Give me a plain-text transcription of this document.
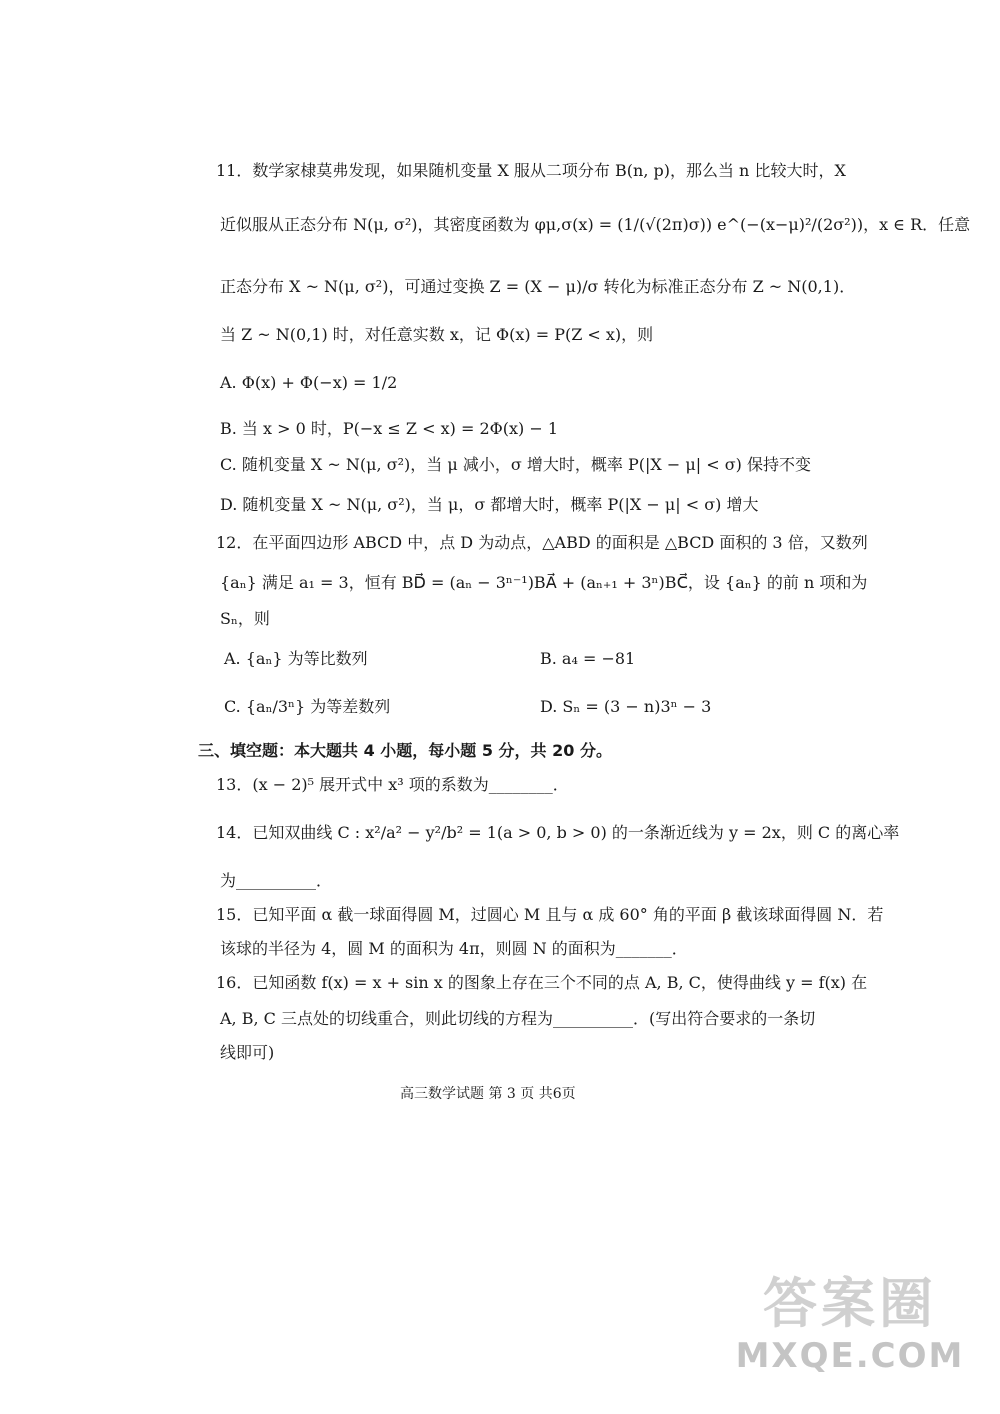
11．数学家棣莫弗发现，如果随机变量 X 服从二项分布 B(n, p)，那么当 n 比较大时，X
近似服从正态分布 N(μ, σ²)，其密度函数为 φμ,σ(x) = (1/(√(2π)σ)) e^(−(x−μ)²/(2σ²))，x ∈ R．任意
正态分布 X ~ N(μ, σ²)，可通过变换 Z = (X − μ)/σ 转化为标准正态分布 Z ~ N(0,1)．
当 Z ~ N(0,1) 时，对任意实数 x，记 Φ(x) = P(Z < x)，则
A. Φ(x) + Φ(−x) = 1/2
B. 当 x > 0 时，P(−x ≤ Z < x) = 2Φ(x) − 1
C. 随机变量 X ~ N(μ, σ²)，当 μ 减小，σ 增大时，概率 P(|X − μ| < σ) 保持不变
D. 随机变量 X ~ N(μ, σ²)，当 μ，σ 都增大时，概率 P(|X − μ| < σ) 增大
12．在平面四边形 ABCD 中，点 D 为动点，△ABD 的面积是 △BCD 面积的 3 倍，又数列
{aₙ} 满足 a₁ = 3，恒有 BD⃗ = (aₙ − 3ⁿ⁻¹)BA⃗ + (aₙ₊₁ + 3ⁿ)BC⃗，设 {aₙ} 的前 n 项和为
Sₙ，则
A. {aₙ} 为等比数列	B. a₄ = −81
C. {aₙ/3ⁿ} 为等差数列	D. Sₙ = (3 − n)3ⁿ − 3
三、填空题：本大题共 4 小题，每小题 5 分，共 20 分。
13．(x − 2)⁵ 展开式中 x³ 项的系数为________．
14．已知双曲线 C : x²/a² − y²/b² = 1(a > 0, b > 0) 的一条渐近线为 y = 2x，则 C 的离心率
为__________．
15．已知平面 α 截一球面得圆 M，过圆心 M 且与 α 成 60° 角的平面 β 截该球面得圆 N．若
该球的半径为 4，圆 M 的面积为 4π，则圆 N 的面积为_______．
16．已知函数 f(x) = x + sin x 的图象上存在三个不同的点 A, B, C，使得曲线 y = f(x) 在
A, B, C 三点处的切线重合，则此切线的方程为__________．(写出符合要求的一条切
线即可)
高三数学试题 第 3 页 共6页
答案圈
MXQE.COM
